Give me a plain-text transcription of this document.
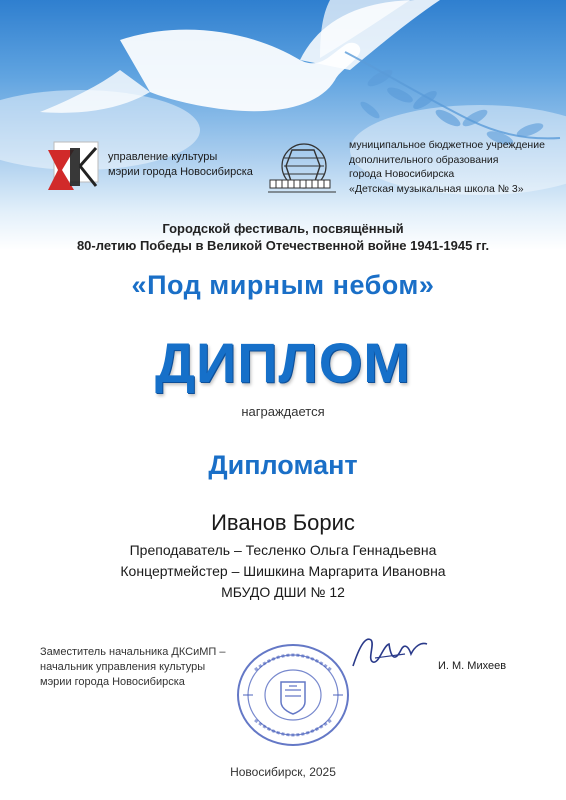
управление культуры
мэрии города Новосибирска
муниципальное бюджетное учреждение
дополнительного образования
города Новосибирска
«Детская музыкальная школа № 3»
Городской фестиваль, посвящённый
80-летию Победы в Великой Отечественной войне 1941-1945 гг.
«Под мирным небом»
ДИПЛОМ
награждается
Дипломант
Иванов Борис
Преподаватель – Тесленко Ольга Геннадьевна
Концертмейстер – Шишкина Маргарита Ивановна
МБУДО ДШИ № 12
Заместитель начальника ДКСиМП –
начальник управления культуры
мэрии города Новосибирска
И. М. Михеев
Новосибирск, 2025
